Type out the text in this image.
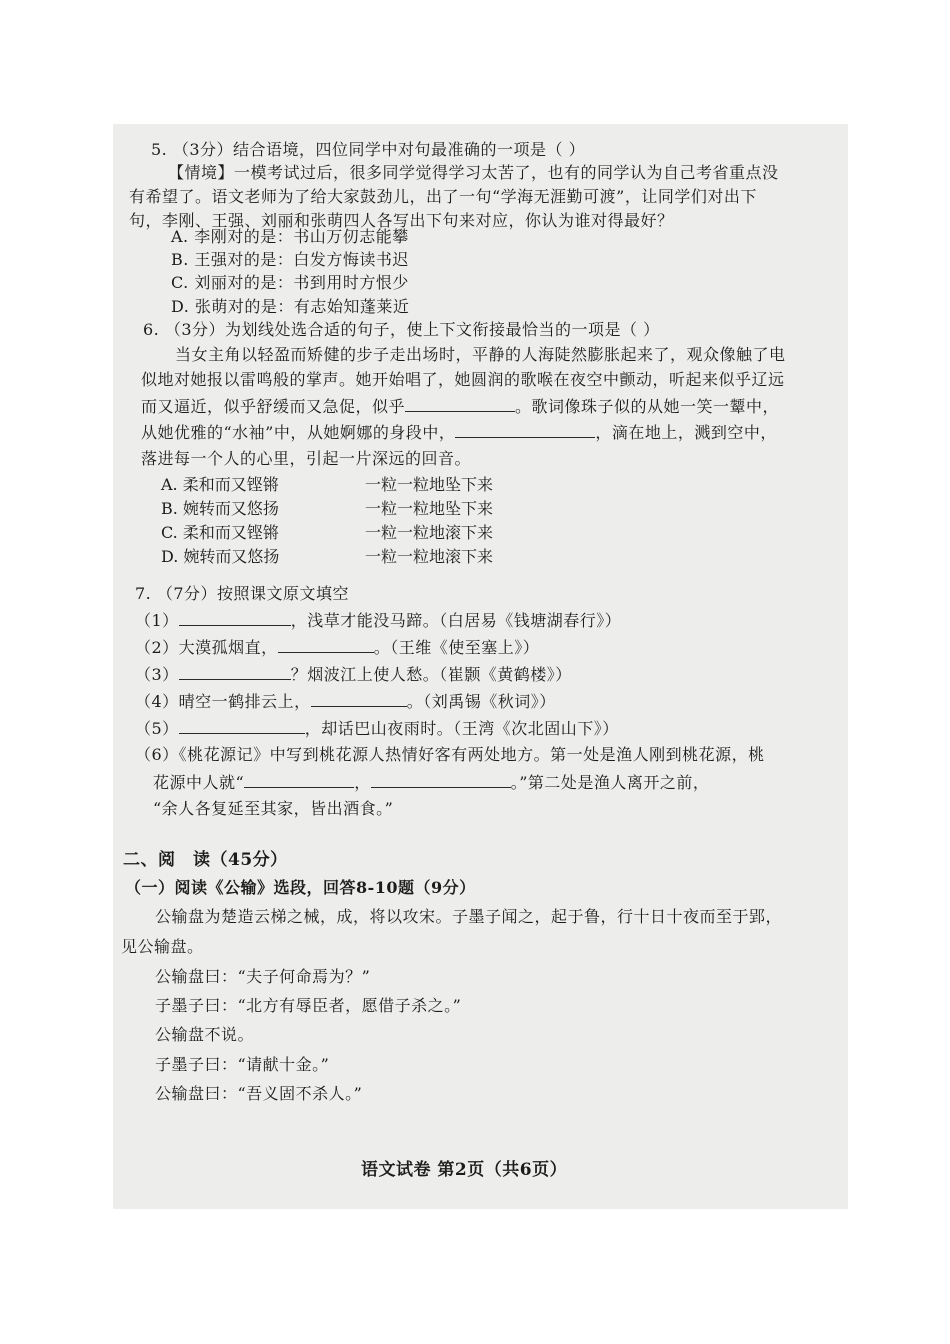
5. （3分）结合语境，四位同学中对句最准确的一项是（ ）
【情境】一模考试过后，很多同学觉得学习太苦了，也有的同学认为自己考省重点没
有希望了。语文老师为了给大家鼓劲儿，出了一句“学海无涯勤可渡”，让同学们对出下
句，李刚、王强、刘丽和张萌四人各写出下句来对应，你认为谁对得最好？
A. 李刚对的是：书山万仞志能攀
B. 王强对的是：白发方悔读书迟
C. 刘丽对的是：书到用时方恨少
D. 张萌对的是：有志始知蓬莱近
6. （3分）为划线处选合适的句子，使上下文衔接最恰当的一项是（ ）
当女主角以轻盈而矫健的步子走出场时，平静的人海陡然膨胀起来了，观众像触了电
似地对她报以雷鸣般的掌声。她开始唱了，她圆润的歌喉在夜空中颤动，听起来似乎辽远
而又逼近，似乎舒缓而又急促，似乎	。歌词像珠子似的从她一笑一颦中，
从她优雅的“水袖”中，从她婀娜的身段中，	，滴在地上，溅到空中，
落进每一个人的心里，引起一片深远的回音。
A. 柔和而又铿锵	一粒一粒地坠下来
B. 婉转而又悠扬	一粒一粒地坠下来
C. 柔和而又铿锵	一粒一粒地滚下来
D. 婉转而又悠扬	一粒一粒地滚下来
7. （7分）按照课文原文填空
（1）	，浅草才能没马蹄。（白居易《钱塘湖春行》）
（2）大漠孤烟直，	。（王维《使至塞上》）
（3）	？烟波江上使人愁。（崔颢《黄鹤楼》）
（4）晴空一鹤排云上，	。（刘禹锡《秋词》）
（5）	，却话巴山夜雨时。（王湾《次北固山下》）
（6）《桃花源记》中写到桃花源人热情好客有两处地方。第一处是渔人刚到桃花源，桃
花源中人就“	，	。”第二处是渔人离开之前，
“余人各复延至其家，皆出酒食。”
二、阅　读（45分）
（一）阅读《公输》选段，回答8-10题（9分）
公输盘为楚造云梯之械，成，将以攻宋。子墨子闻之，起于鲁，行十日十夜而至于郢，
见公输盘。
公输盘曰：“夫子何命焉为？”
子墨子曰：“北方有辱臣者，愿借子杀之。”
公输盘不说。
子墨子曰：“请献十金。”
公输盘曰：“吾义固不杀人。”
语文试卷 第2页（共6页）
